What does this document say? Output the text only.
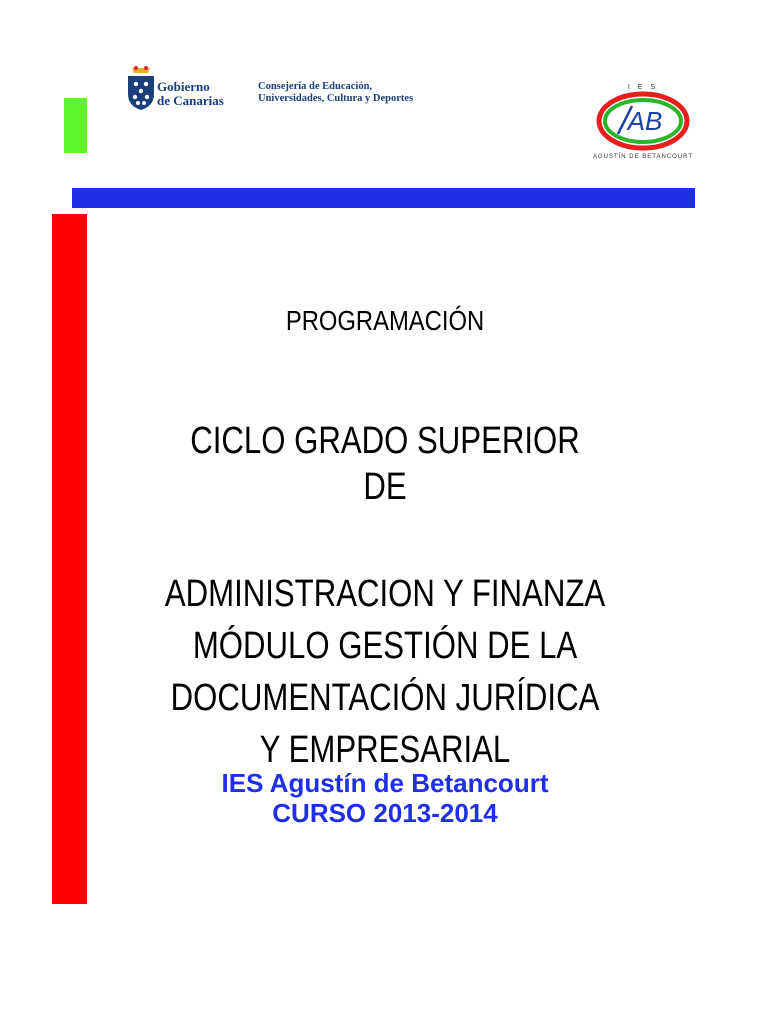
Gobierno
de Canarias
Consejería de Educación,
Universidades, Cultura y Deportes
AB
I E S
AGUSTÍN DE BETANCOURT
PROGRAMACIÓN
CICLO GRADO SUPERIOR
DE
ADMINISTRACION Y FINANZA
MÓDULO GESTIÓN DE LA
DOCUMENTACIÓN JURÍDICA
Y EMPRESARIAL
IES Agustín de Betancourt
CURSO 2013-2014
